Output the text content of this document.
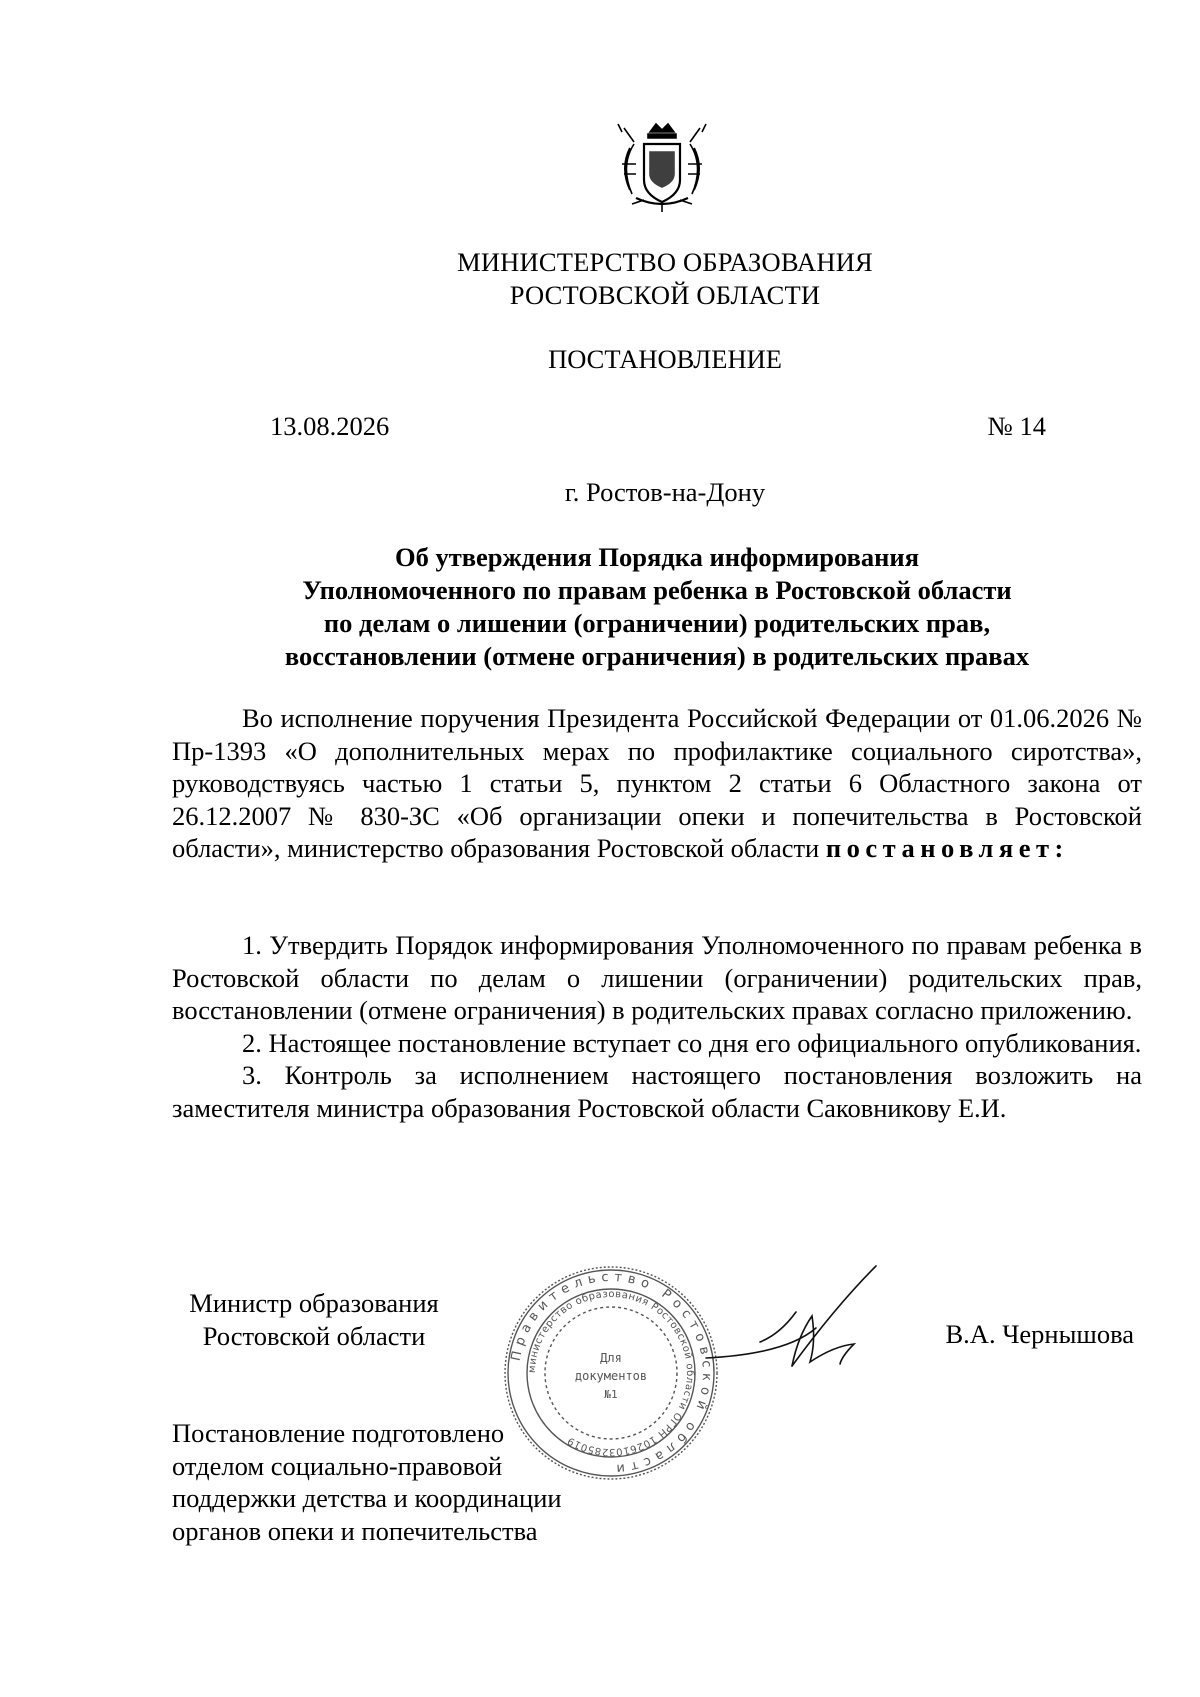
МИНИСТЕРСТВО ОБРАЗОВАНИЯ
РОСТОВСКОЙ ОБЛАСТИ
ПОСТАНОВЛЕНИЕ
13.08.2026	№ 14
г. Ростов-на-Дону
Об утверждения Порядка информирования
Уполномоченного по правам ребенка в Ростовской области
по делам о лишении (ограничении) родительских прав,
восстановлении (отмене ограничения) в родительских правах

Во исполнение поручения Президента Российской Федерации от 01.06.2026 № Пр-1393 «О дополнительных мерах по профилактике социального сиротства», руководствуясь частью 1 статьи 5, пунктом 2 статьи 6 Областного закона от 26.12.2007 № 830-ЗС «Об организации опеки и попечительства в Ростовской области», министерство образования Ростовской области постановляет:

1. Утвердить Порядок информирования Уполномоченного по правам ребенка в Ростовской области по делам о лишении (ограничении) родительских прав, восстановлении (отмене ограничения) в родительских правах согласно приложению.

2. Настоящее постановление вступает со дня его официального опубликования.

3. Контроль за исполнением настоящего постановления возложить на заместителя министра образования Ростовской области Саковникову Е.И.

Министр образования
Ростовской области
Правительство Ростовской области
министерство образования Ростовской области ОГРН 1026103285019
Для
документов
№1
В.А. Чернышова
Постановление подготовлено
отделом социально-правовой
поддержки детства и координации
органов опеки и попечительства
